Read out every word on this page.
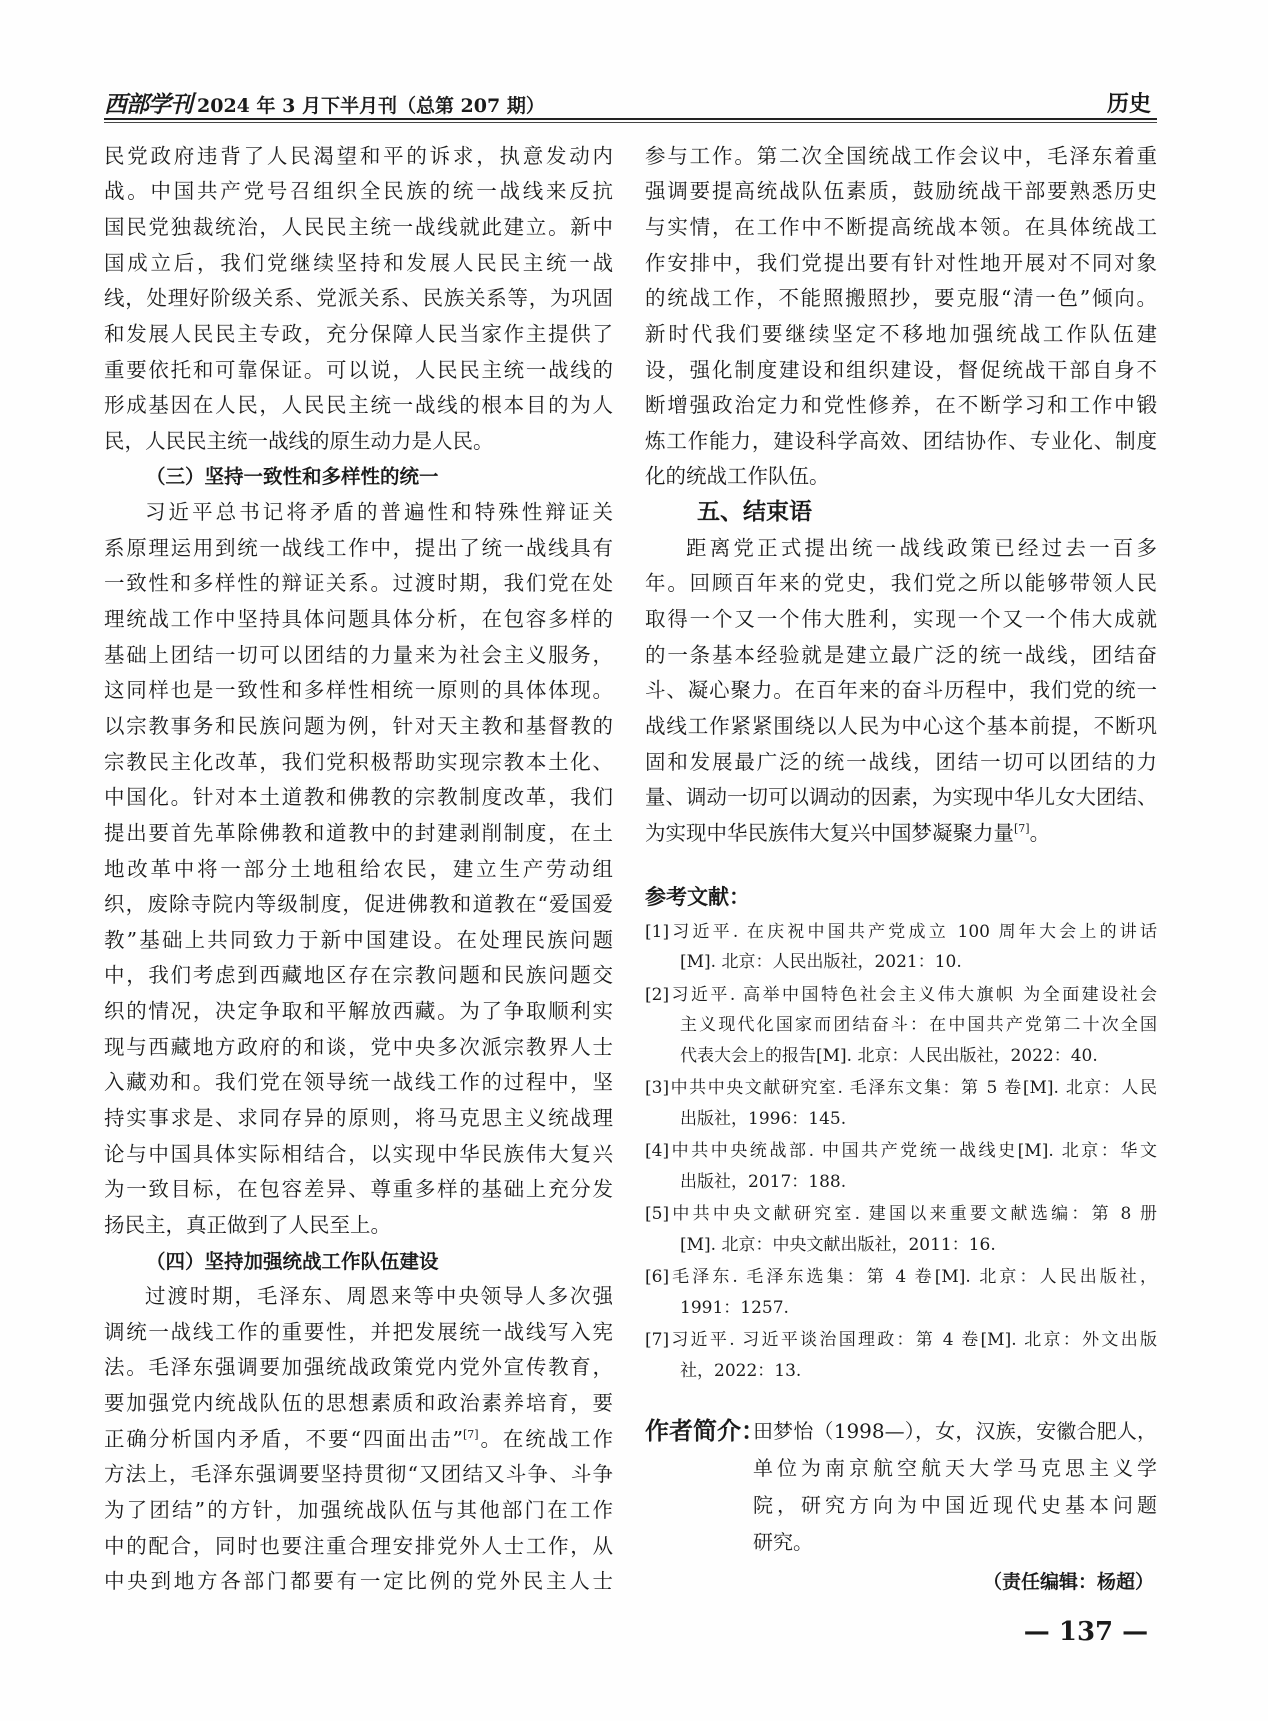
西部学刊 2024 年 3 月下半月刊（总第 207 期）	历史
民党政府违背了人民渴望和平的诉求，执意发动内
战。中国共产党号召组织全民族的统一战线来反抗
国民党独裁统治，人民民主统一战线就此建立。新中
国成立后，我们党继续坚持和发展人民民主统一战
线，处理好阶级关系、党派关系、民族关系等，为巩固
和发展人民民主专政，充分保障人民当家作主提供了
重要依托和可靠保证。可以说，人民民主统一战线的
形成基因在人民，人民民主统一战线的根本目的为人
民，人民民主统一战线的原生动力是人民。
（三）坚持一致性和多样性的统一
习近平总书记将矛盾的普遍性和特殊性辩证关
系原理运用到统一战线工作中，提出了统一战线具有
一致性和多样性的辩证关系。过渡时期，我们党在处
理统战工作中坚持具体问题具体分析，在包容多样的
基础上团结一切可以团结的力量来为社会主义服务，
这同样也是一致性和多样性相统一原则的具体体现。
以宗教事务和民族问题为例，针对天主教和基督教的
宗教民主化改革，我们党积极帮助实现宗教本土化、
中国化。针对本土道教和佛教的宗教制度改革，我们
提出要首先革除佛教和道教中的封建剥削制度，在土
地改革中将一部分土地租给农民，建立生产劳动组
织，废除寺院内等级制度，促进佛教和道教在“爱国爱
教”基础上共同致力于新中国建设。在处理民族问题
中，我们考虑到西藏地区存在宗教问题和民族问题交
织的情况，决定争取和平解放西藏。为了争取顺利实
现与西藏地方政府的和谈，党中央多次派宗教界人士
入藏劝和。我们党在领导统一战线工作的过程中，坚
持实事求是、求同存异的原则，将马克思主义统战理
论与中国具体实际相结合，以实现中华民族伟大复兴
为一致目标，在包容差异、尊重多样的基础上充分发
扬民主，真正做到了人民至上。
（四）坚持加强统战工作队伍建设
过渡时期，毛泽东、周恩来等中央领导人多次强
调统一战线工作的重要性，并把发展统一战线写入宪
法。毛泽东强调要加强统战政策党内党外宣传教育，
要加强党内统战队伍的思想素质和政治素养培育，要
正确分析国内矛盾，不要“四面出击”[7]。在统战工作
方法上，毛泽东强调要坚持贯彻“又团结又斗争、斗争
为了团结”的方针，加强统战队伍与其他部门在工作
中的配合，同时也要注重合理安排党外人士工作，从
中央到地方各部门都要有一定比例的党外民主人士
参与工作。第二次全国统战工作会议中，毛泽东着重
强调要提高统战队伍素质，鼓励统战干部要熟悉历史
与实情，在工作中不断提高统战本领。在具体统战工
作安排中，我们党提出要有针对性地开展对不同对象
的统战工作，不能照搬照抄，要克服“清一色”倾向。
新时代我们要继续坚定不移地加强统战工作队伍建
设，强化制度建设和组织建设，督促统战干部自身不
断增强政治定力和党性修养，在不断学习和工作中锻
炼工作能力，建设科学高效、团结协作、专业化、制度
化的统战工作队伍。
五、结束语
距离党正式提出统一战线政策已经过去一百多
年。回顾百年来的党史，我们党之所以能够带领人民
取得一个又一个伟大胜利，实现一个又一个伟大成就
的一条基本经验就是建立最广泛的统一战线，团结奋
斗、凝心聚力。在百年来的奋斗历程中，我们党的统一
战线工作紧紧围绕以人民为中心这个基本前提，不断巩
固和发展最广泛的统一战线，团结一切可以团结的力
量、调动一切可以调动的因素，为实现中华儿女大团结、
为实现中华民族伟大复兴中国梦凝聚力量[7]。
参考文献：
[1]习近平. 在庆祝中国共产党成立 100 周年大会上的讲话
[M]. 北京：人民出版社，2021：10.
[2]习近平. 高举中国特色社会主义伟大旗帜 为全面建设社会
主义现代化国家而团结奋斗：在中国共产党第二十次全国
代表大会上的报告[M]. 北京：人民出版社，2022：40.
[3]中共中央文献研究室. 毛泽东文集：第 5 卷[M]. 北京：人民
出版社，1996：145.
[4]中共中央统战部. 中国共产党统一战线史[M]. 北京：华文
出版社，2017：188.
[5]中共中央文献研究室. 建国以来重要文献选编：第 8 册
[M]. 北京：中央文献出版社，2011：16.
[6]毛泽东. 毛泽东选集：第 4 卷[M]. 北京：人民出版社，
1991：1257.
[7]习近平. 习近平谈治国理政：第 4 卷[M]. 北京：外文出版
社，2022：13.
作者简介：
田梦怡（1998—），女，汉族，安徽合肥人，
单位为南京航空航天大学马克思主义学
院，研究方向为中国近现代史基本问题
研究。
（责任编辑：杨超）
— 137 —
